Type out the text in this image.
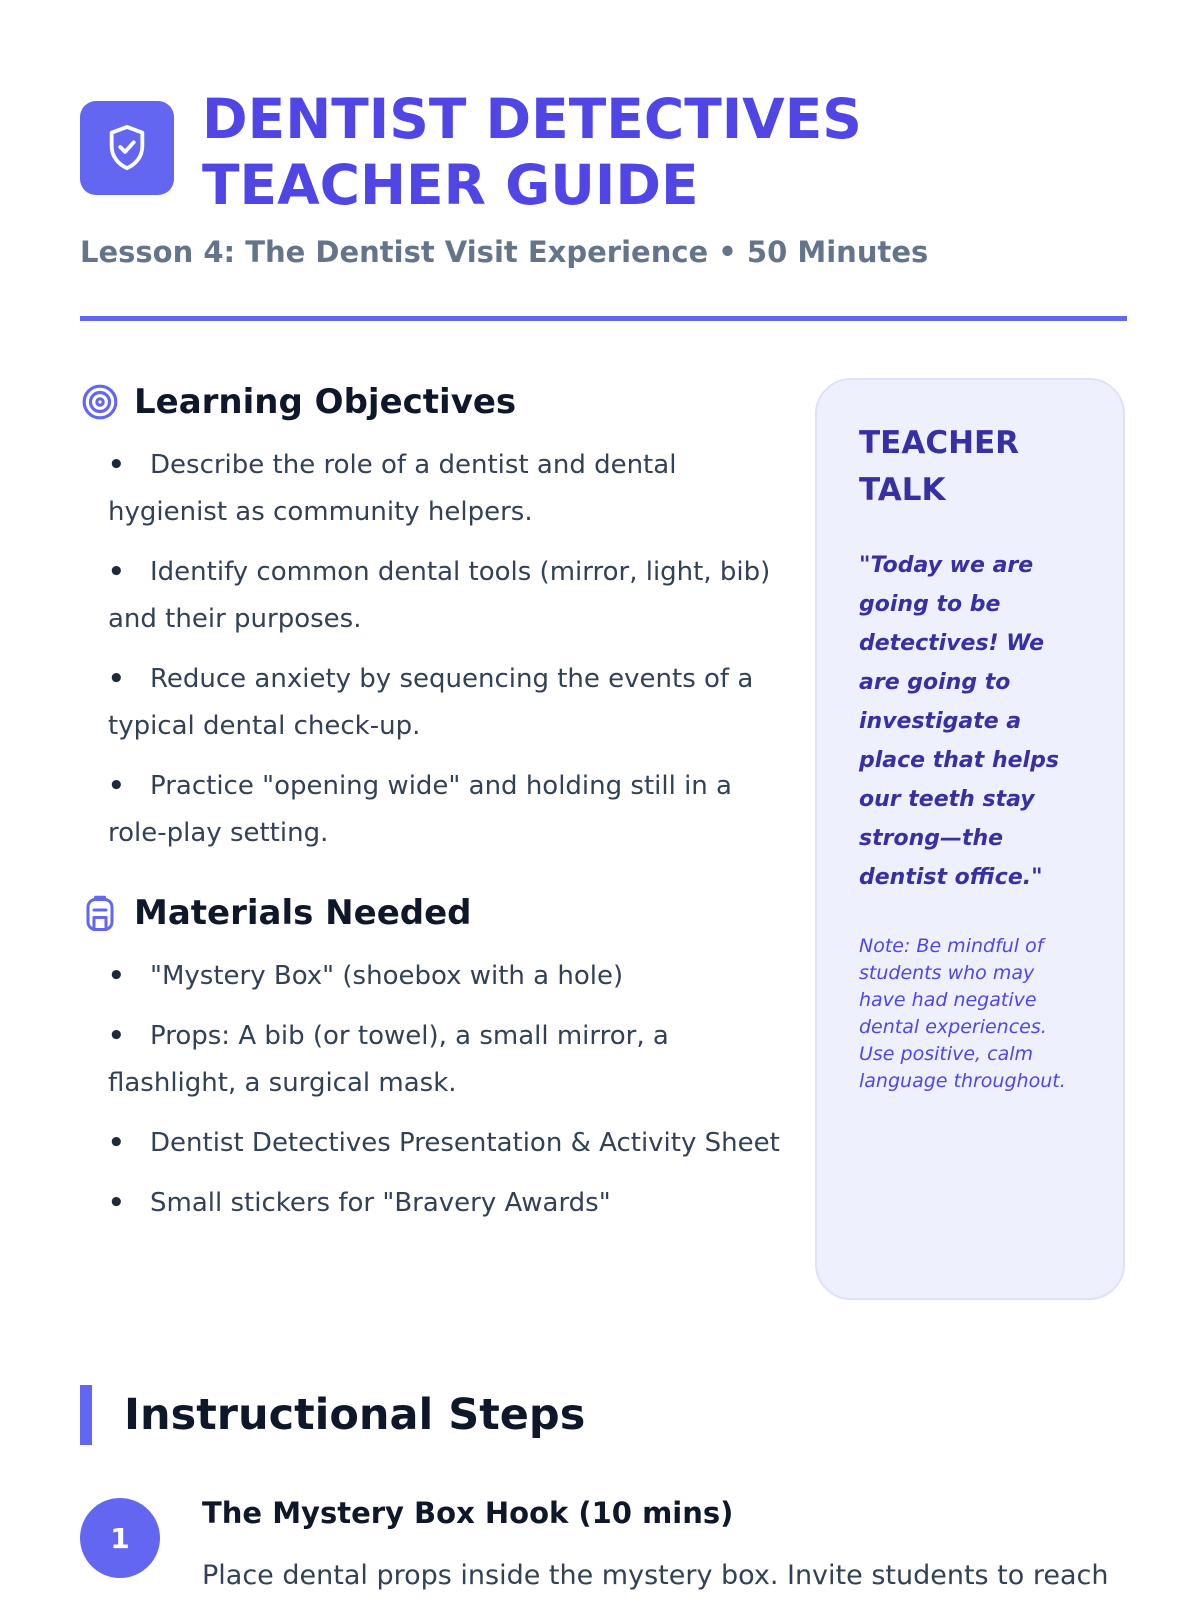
DENTIST DETECTIVES
TEACHER GUIDE

Lesson 4: The Dentist Visit Experience • 50 Minutes

Learning Objectives
• Describe the role of a dentist and dental hygienist as community helpers.
• Identify common dental tools (mirror, light, bib) and their purposes.
• Reduce anxiety by sequencing the events of a typical dental check-up.
• Practice "opening wide" and holding still in a role-play setting.
Materials Needed
• "Mystery Box" (shoebox with a hole)
• Props: A bib (or towel), a small mirror, a flashlight, a surgical mask.
• Dentist Detectives Presentation & Activity Sheet
• Small stickers for "Bravery Awards"
TEACHER TALK

"Today we are going to be detectives! We are going to investigate a place that helps our teeth stay strong—the dentist office."

Note: Be mindful of students who may have had negative dental experiences. Use positive, calm language throughout.

Instructional Steps
1
The Mystery Box Hook (10 mins)

Place dental props inside the mystery box. Invite students to reach
